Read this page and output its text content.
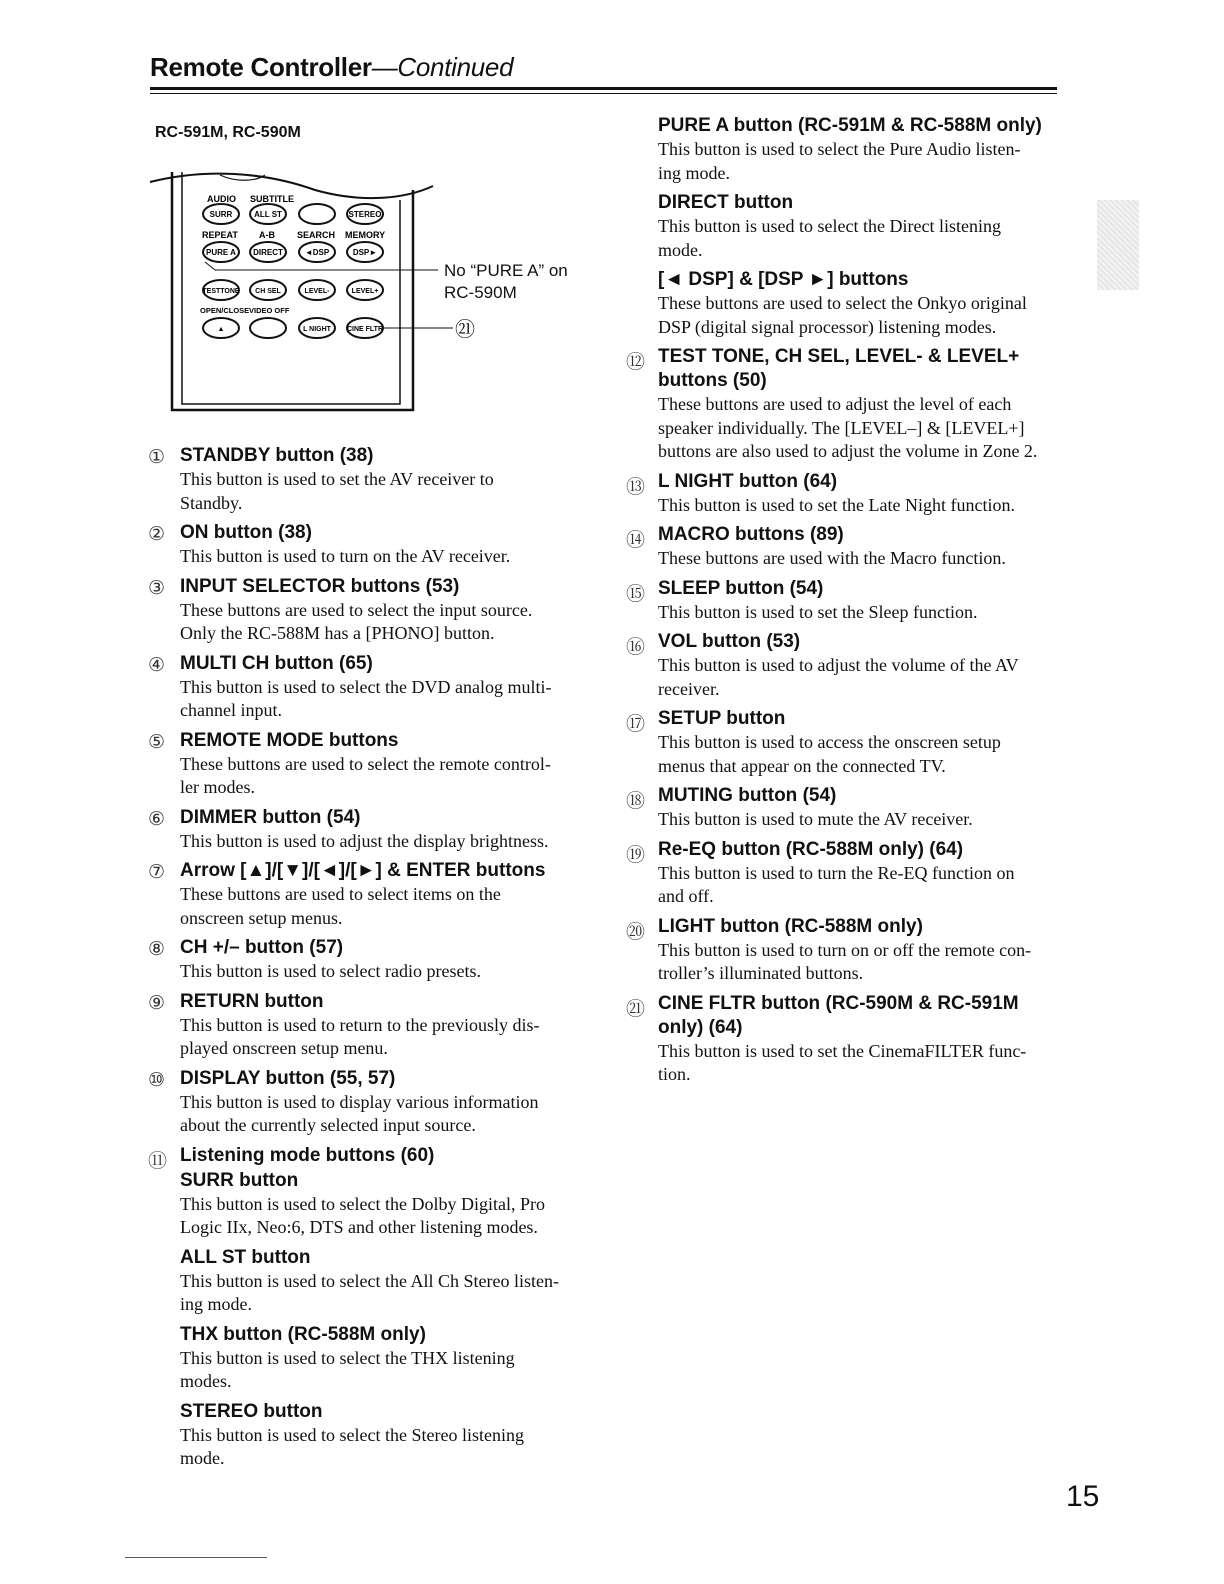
Remote Controller—Continued
RC-591M, RC-590M
AUDIO SUBTITLE
SURR	ALL ST	STEREO
REPEAT A-B SEARCH MEMORY
PURE A DIRECT	◄DSP	DSP►
TESTTONE CH SEL	LEVEL-	LEVEL+
OPEN/CLOSE VIDEO OFF
▲	L NIGHT CINE FLTR	㉑
No “PURE A” on
RC-590M
① STANDBY button (38)
This button is used to set the AV receiver to
Standby.
② ON button (38)
This button is used to turn on the AV receiver.
③ INPUT SELECTOR buttons (53)
These buttons are used to select the input source.
Only the RC-588M has a [PHONO] button.
④ MULTI CH button (65)
This button is used to select the DVD analog multi-
channel input.
⑤ REMOTE MODE buttons
These buttons are used to select the remote control-
ler modes.
⑥ DIMMER button (54)
This button is used to adjust the display brightness.
⑦ Arrow [▲]/[▼]/[◄]/[►] & ENTER buttons
These buttons are used to select items on the
onscreen setup menus.
⑧ CH +/– button (57)
This button is used to select radio presets.
⑨ RETURN button
This button is used to return to the previously dis-
played onscreen setup menu.
⑩ DISPLAY button (55, 57)
This button is used to display various information
about the currently selected input source.
⑪ Listening mode buttons (60)
SURR button
This button is used to select the Dolby Digital, Pro
Logic IIx, Neo:6, DTS and other listening modes.
ALL ST button
This button is used to select the All Ch Stereo listen-
ing mode.
THX button (RC-588M only)
This button is used to select the THX listening
modes.
STEREO button
This button is used to select the Stereo listening
mode.
PURE A button (RC-591M & RC-588M only)
This button is used to select the Pure Audio listen-
ing mode.
DIRECT button
This button is used to select the Direct listening
mode.
[◄ DSP] & [DSP ►] buttons
These buttons are used to select the Onkyo original
DSP (digital signal processor) listening modes.
⑫ TEST TONE, CH SEL, LEVEL- & LEVEL+
buttons (50)
These buttons are used to adjust the level of each
speaker individually. The [LEVEL–] & [LEVEL+]
buttons are also used to adjust the volume in Zone 2.
⑬ L NIGHT button (64)
This button is used to set the Late Night function.
⑭ MACRO buttons (89)
These buttons are used with the Macro function.
⑮ SLEEP button (54)
This button is used to set the Sleep function.
⑯ VOL button (53)
This button is used to adjust the volume of the AV
receiver.
⑰ SETUP button
This button is used to access the onscreen setup
menus that appear on the connected TV.
⑱ MUTING button (54)
This button is used to mute the AV receiver.
⑲ Re-EQ button (RC-588M only) (64)
This button is used to turn the Re-EQ function on
and off.
⑳ LIGHT button (RC-588M only)
This button is used to turn on or off the remote con-
troller’s illuminated buttons.
㉑ CINE FLTR button (RC-590M & RC-591M
only) (64)
This button is used to set the CinemaFILTER func-
tion.
15
